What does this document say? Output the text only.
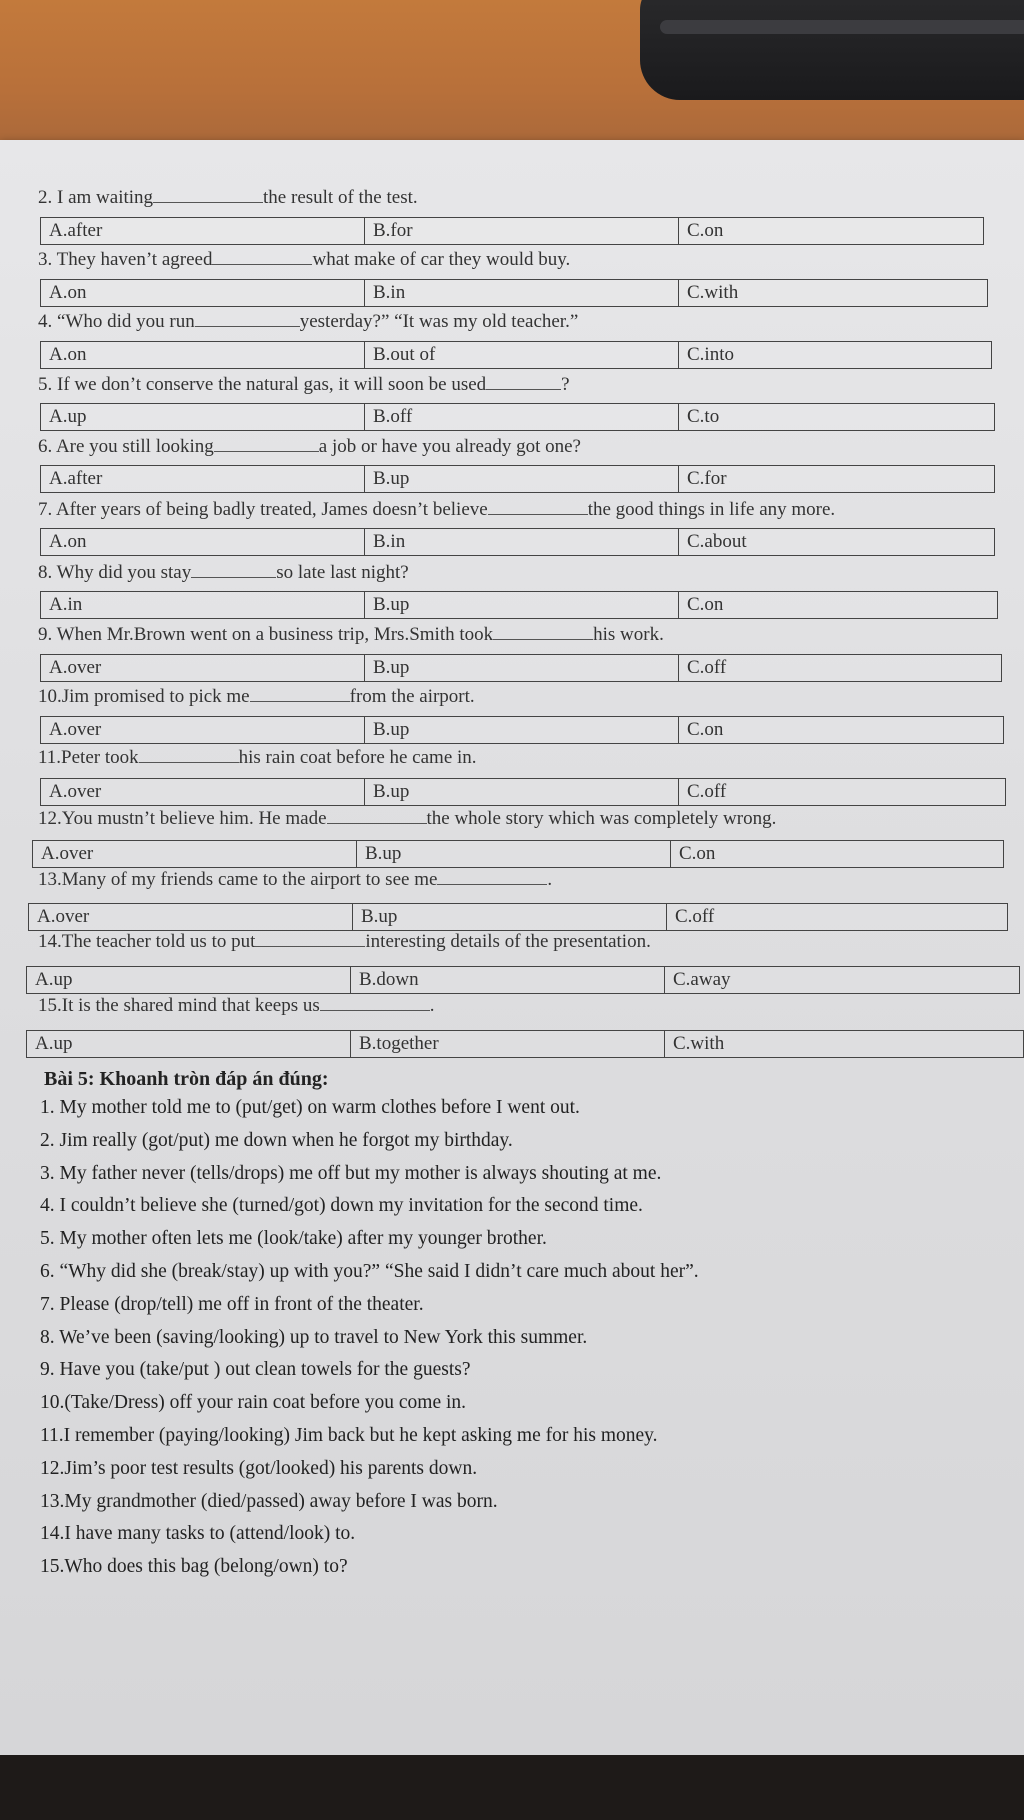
2. I am waiting	the result of the test.
A.after	B.for	C.on
3. They haven’t agreed	what make of car they would buy.
A.on	B.in	C.with
4. “Who did you run	yesterday?” “It was my old teacher.”
A.on	B.out of	C.into
5. If we don’t conserve the natural gas, it will soon be used	?
A.up	B.off	C.to
6. Are you still looking	a job or have you already got one?
A.after	B.up	C.for
7. After years of being badly treated, James doesn’t believe	the good things in life any more.
A.on	B.in	C.about
8. Why did you stay	so late last night?
A.in	B.up	C.on
9. When Mr.Brown went on a business trip, Mrs.Smith took	his work.
A.over	B.up	C.off
10.Jim promised to pick me	from the airport.
A.over	B.up	C.on
11.Peter took	his rain coat before he came in.
A.over	B.up	C.off
12.You mustn’t believe him. He made	the whole story which was completely wrong.
A.over	B.up	C.on
13.Many of my friends came to the airport to see me	.
A.over	B.up	C.off
14.The teacher told us to put	interesting details of the presentation.
A.up	B.down	C.away
15.It is the shared mind that keeps us	.
A.up	B.together	C.with
Bài 5: Khoanh tròn đáp án đúng:
1. My mother told me to (put/get) on warm clothes before I went out.
2. Jim really (got/put) me down when he forgot my birthday.
3. My father never (tells/drops) me off but my mother is always shouting at me.
4. I couldn’t believe she (turned/got) down my invitation for the second time.
5. My mother often lets me (look/take) after my younger brother.
6. “Why did she (break/stay) up with you?” “She said I didn’t care much about her”.
7. Please (drop/tell) me off in front of the theater.
8. We’ve been (saving/looking) up to travel to New York this summer.
9. Have you (take/put ) out clean towels for the guests?
10.(Take/Dress) off your rain coat before you come in.
11.I remember (paying/looking) Jim back but he kept asking me for his money.
12.Jim’s poor test results (got/looked) his parents down.
13.My grandmother (died/passed) away before I was born.
14.I have many tasks to (attend/look) to.
15.Who does this bag (belong/own) to?
